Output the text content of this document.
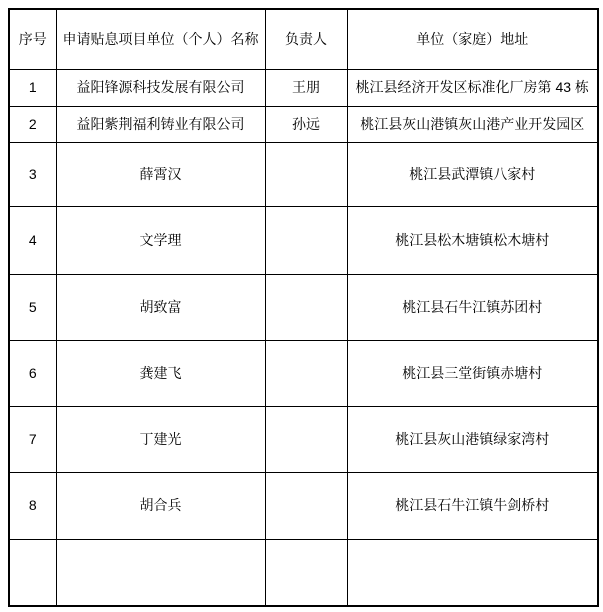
序号	申请贴息项目单位（个人）名称	负责人	单位（家庭）地址
1	益阳锋源科技发展有限公司	王朋	桃江县经济开发区标准化厂房第 43 栋
2	益阳紫荆福利铸业有限公司	孙远	桃江县灰山港镇灰山港产业开发园区
3	薛霄汉		桃江县武潭镇八家村
4	文学理		桃江县松木塘镇松木塘村
5	胡致富		桃江县石牛江镇苏团村
6	龚建飞		桃江县三堂街镇赤塘村
7	丁建光		桃江县灰山港镇绿家湾村
8	胡合兵		桃江县石牛江镇牛剑桥村
